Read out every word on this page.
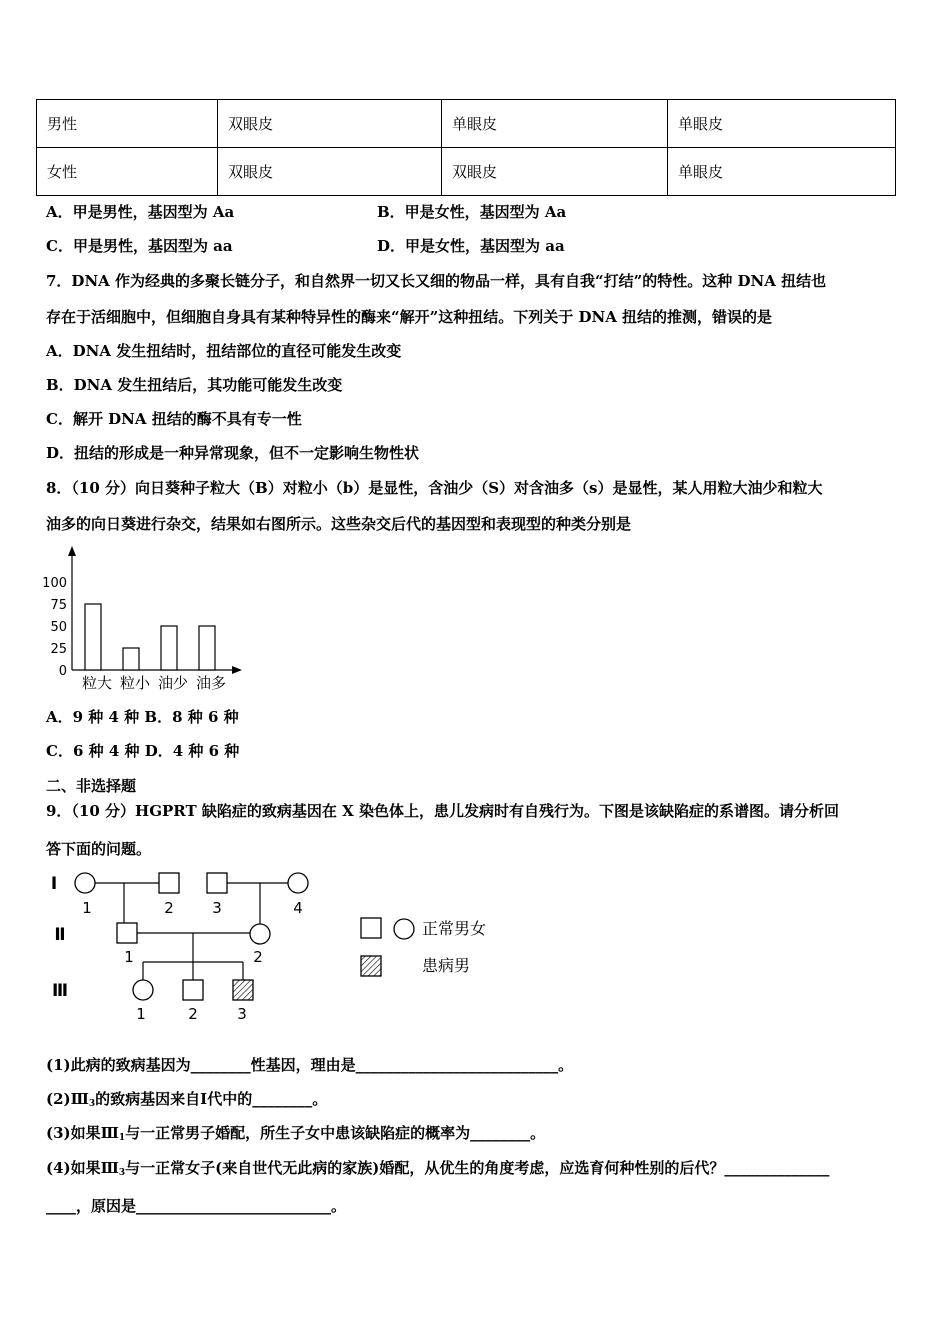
男性	双眼皮	单眼皮	单眼皮
女性	双眼皮	双眼皮	单眼皮
A．甲是男性，基因型为 Aa	B．甲是女性，基因型为 Aa
C．甲是男性，基因型为 aa	D．甲是女性，基因型为 aa
7．DNA 作为经典的多聚长链分子，和自然界一切又长又细的物品一样，具有自我“打结”的特性。这种 DNA 扭结也
存在于活细胞中，但细胞自身具有某种特异性的酶来“解开”这种扭结。下列关于 DNA 扭结的推测，错误的是
A．DNA 发生扭结时，扭结部位的直径可能发生改变
B．DNA 发生扭结后，其功能可能发生改变
C．解开 DNA 扭结的酶不具有专一性
D．扭结的形成是一种异常现象，但不一定影响生物性状
8．（10 分）向日葵种子粒大（B）对粒小（b）是显性，含油少（S）对含油多（s）是显性，某人用粒大油少和粒大
油多的向日葵进行杂交，结果如右图所示。这些杂交后代的基因型和表现型的种类分别是
100
75
50
25
0
粒大 粒小 油少 油多
A．9 种 4 种 B．8 种 6 种
C．6 种 4 种 D．4 种 6 种
二、非选择题
9．（10 分）HGPRT 缺陷症的致病基因在 X 染色体上，患儿发病时有自残行为。下图是该缺陷症的系谱图。请分析回
答下面的问题。
Ⅰ
Ⅱ
Ⅲ
1	2	3	4
1	2
1	2	3
正常男女
患病男
(1)此病的致病基因为________性基因，理由是___________________________。
$(2)Ⅲ_3$的致病基因来自Ⅰ代中的________。
(3)如果$Ⅲ_1$与一正常男子婚配，所生子女中患该缺陷症的概率为________。
(4)如果$Ⅲ_3$与一正常女子(来自世代无此病的家族)婚配，从优生的角度考虑，应选育何种性别的后代？______________
____，原因是__________________________。
